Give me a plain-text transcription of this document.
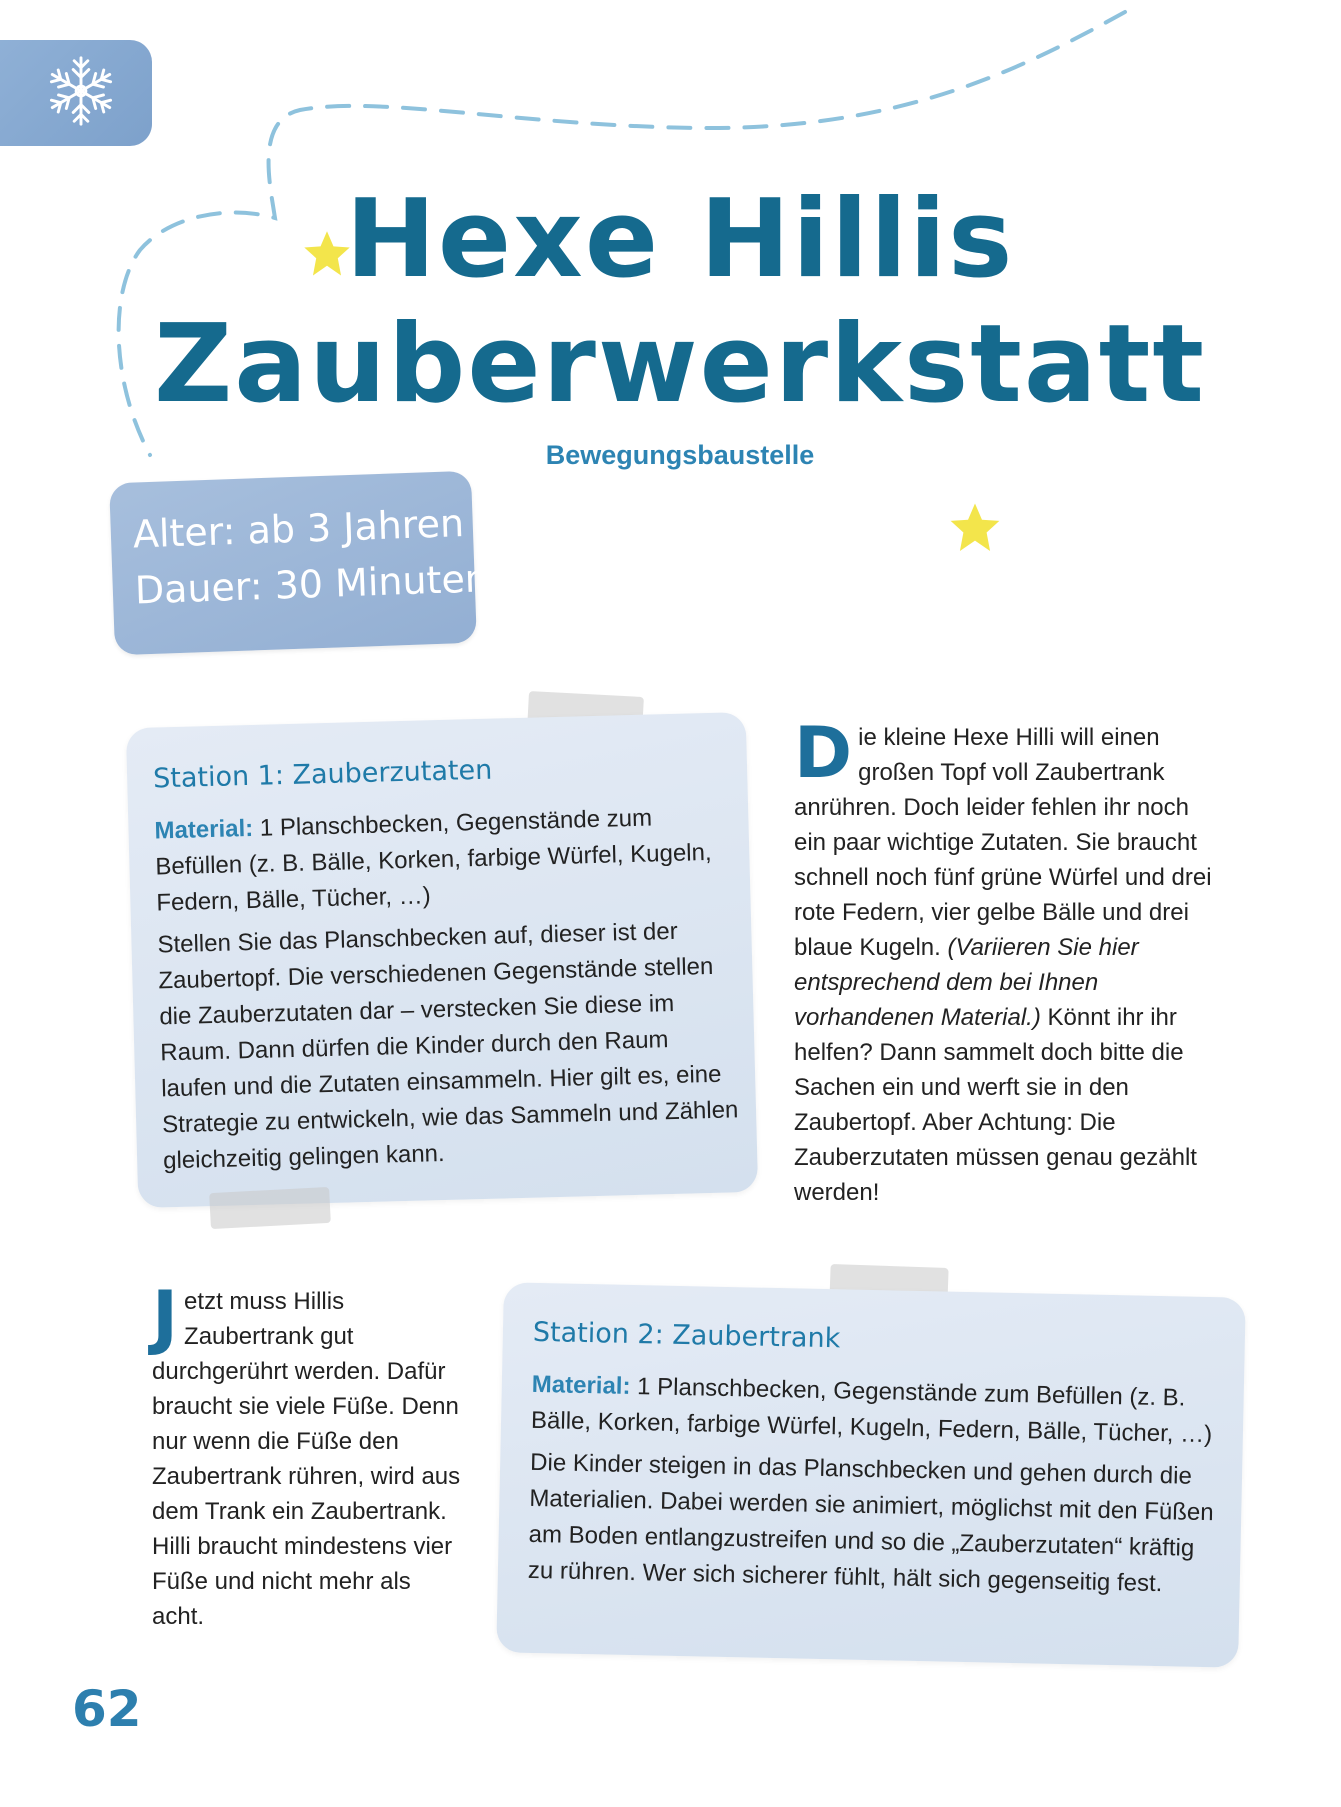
Hexe Hillis
Zauberwerkstatt
Bewegungsbaustelle
Alter: ab 3 Jahren
Dauer: 30 Minuten
Station 1: Zauberzutaten
Material: 1 Planschbecken, Gegenstände zum Befüllen (z. B. Bälle, Korken, farbige Würfel, Kugeln, Federn, Bälle, Tücher, …)
Stellen Sie das Planschbecken auf, dieser ist der Zaubertopf. Die verschiedenen Gegenstände stellen die Zauberzutaten dar – verstecken Sie diese im Raum. Dann dürfen die Kinder durch den Raum laufen und die Zutaten einsammeln. Hier gilt es, eine Strategie zu entwickeln, wie das Sammeln und Zählen gleichzeitig gelingen kann.
Die kleine Hexe Hilli will einen großen Topf voll Zaubertrank anrühren. Doch leider fehlen ihr noch ein paar wichtige Zutaten. Sie braucht schnell noch fünf grüne Würfel und drei rote Federn, vier gelbe Bälle und drei blaue Kugeln. (Variieren Sie hier entsprechend dem bei Ihnen vorhandenen Material.) Könnt ihr ihr helfen? Dann sammelt doch bitte die Sachen ein und werft sie in den Zaubertopf. Aber Achtung: Die Zauberzutaten müssen genau gezählt werden!
Jetzt muss Hillis Zaubertrank gut durchgerührt werden. Dafür braucht sie viele Füße. Denn nur wenn die Füße den Zaubertrank rühren, wird aus dem Trank ein Zaubertrank. Hilli braucht mindestens vier Füße und nicht mehr als acht.
Station 2: Zaubertrank
Material: 1 Planschbecken, Gegenstände zum Befüllen (z. B. Bälle, Korken, farbige Würfel, Kugeln, Federn, Bälle, Tücher, …)
Die Kinder steigen in das Planschbecken und gehen durch die Materialien. Dabei werden sie animiert, möglichst mit den Füßen am Boden entlangzustreifen und so die „Zauberzutaten“ kräftig zu rühren. Wer sich sicherer fühlt, hält sich gegenseitig fest.
62
